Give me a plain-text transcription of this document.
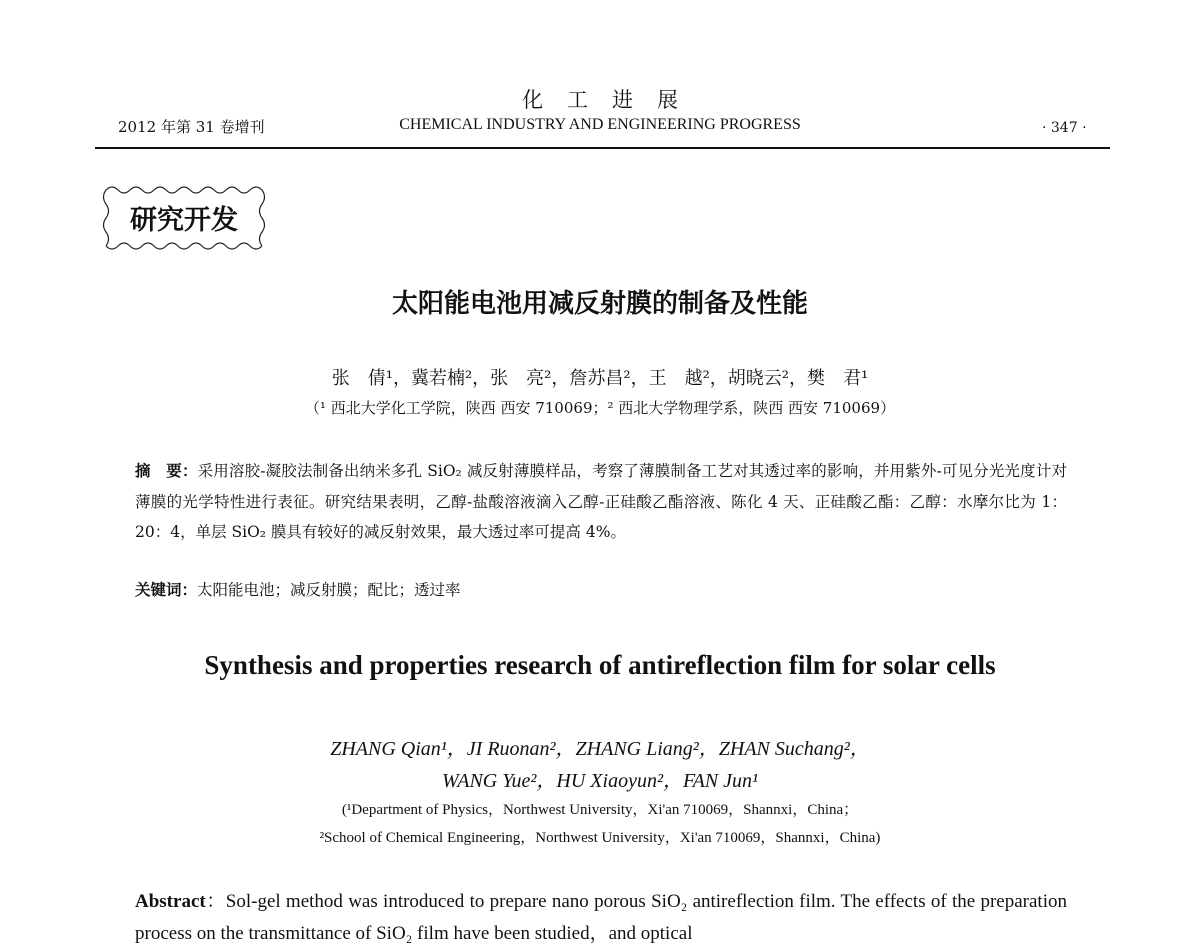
化工进展
2012 年第 31 卷增刊	CHEMICAL INDUSTRY AND ENGINEERING PROGRESS	· 347 ·
研究开发
太阳能电池用减反射膜的制备及性能
张　倩¹，冀若楠²，张　亮²，詹苏昌²，王　越²，胡晓云²，樊　君¹
（¹ 西北大学化工学院，陕西 西安 710069；² 西北大学物理学系，陕西 西安 710069）
摘　要：采用溶胶-凝胶法制备出纳米多孔 SiO₂ 减反射薄膜样品，考察了薄膜制备工艺对其透过率的影响，并用紫外-可见分光光度计对薄膜的光学特性进行表征。研究结果表明，乙醇-盐酸溶液滴入乙醇-正硅酸乙酯溶液、陈化 4 天、正硅酸乙酯：乙醇：水摩尔比为 1：20：4，单层 SiO₂ 膜具有较好的减反射效果，最大透过率可提高 4%。
关键词：太阳能电池；减反射膜；配比；透过率
Synthesis and properties research of antireflection film for solar cells
ZHANG Qian¹，JI Ruonan²，ZHANG Liang²，ZHAN Suchang²，
WANG Yue²，HU Xiaoyun²，FAN Jun¹
(¹Department of Physics，Northwest University，Xi'an 710069，Shannxi，China；
²School of Chemical Engineering，Northwest University，Xi'an 710069，Shannxi，China)
Abstract：Sol-gel method was introduced to prepare nano porous SiO₂ antireflection film. The effects of the preparation process on the transmittance of SiO₂ film have been studied，and optical
